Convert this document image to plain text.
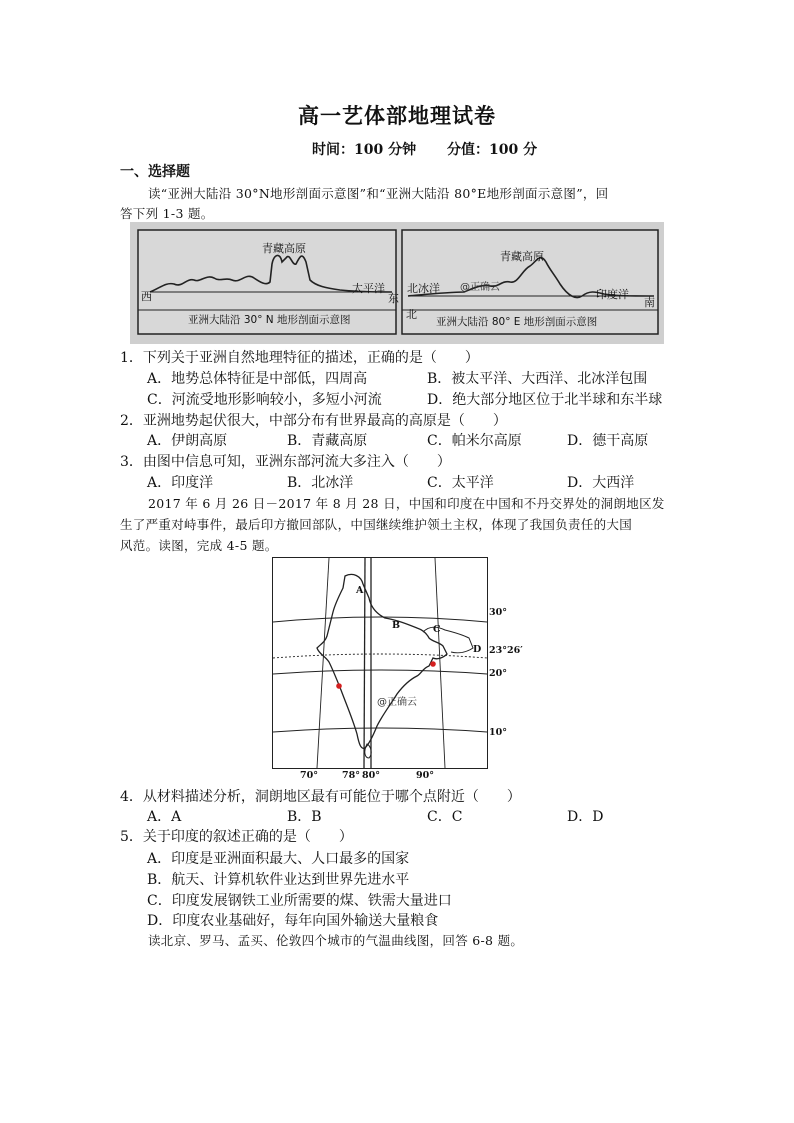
高一艺体部地理试卷
时间：100 分钟 分值：100 分
一、选择题
读“亚洲大陆沿 30°N地形剖面示意图”和“亚洲大陆沿 80°E地形剖面示意图”，回
答下列 1-3 题。
青藏高原
太平洋
西	东
亚洲大陆沿 30° N 地形剖面示意图
青藏高原
北冰洋 @正确云
印度洋
北
南
亚洲大陆沿 80° E 地形剖面示意图
1．下列关于亚洲自然地理特征的描述，正确的是（　　）
A．地势总体特征是中部低，四周高	B．被太平洋、大西洋、北冰洋包围
C．河流受地形影响较小，多短小河流	D．绝大部分地区位于北半球和东半球
2．亚洲地势起伏很大，中部分布有世界最高的高原是（　　）
A．伊朗高原	B．青藏高原	C．帕米尔高原	D．德干高原
3．由图中信息可知，亚洲东部河流大多注入（　　）
A．印度洋	B．北冰洋	C．太平洋	D．大西洋
2017 年 6 月 26 日－2017 年 8 月 28 日，中国和印度在中国和不丹交界处的洞朗地区发
生了严重对峙事件，最后印方撤回部队，中国继续维护领土主权，体现了我国负责任的大国
风范。读图，完成 4-5 题。
A
B	C
D
@正确云
30°
23°26′
20°
10°
70°	78° 80°	90°
4．从材料描述分析，洞朗地区最有可能位于哪个点附近（　　）
A．A	B．B	C．C	D．D
5．关于印度的叙述正确的是（　　）
A．印度是亚洲面积最大、人口最多的国家
B．航天、计算机软件业达到世界先进水平
C．印度发展钢铁工业所需要的煤、铁需大量进口
D．印度农业基础好，每年向国外输送大量粮食
读北京、罗马、孟买、伦敦四个城市的气温曲线图，回答 6-8 题。
